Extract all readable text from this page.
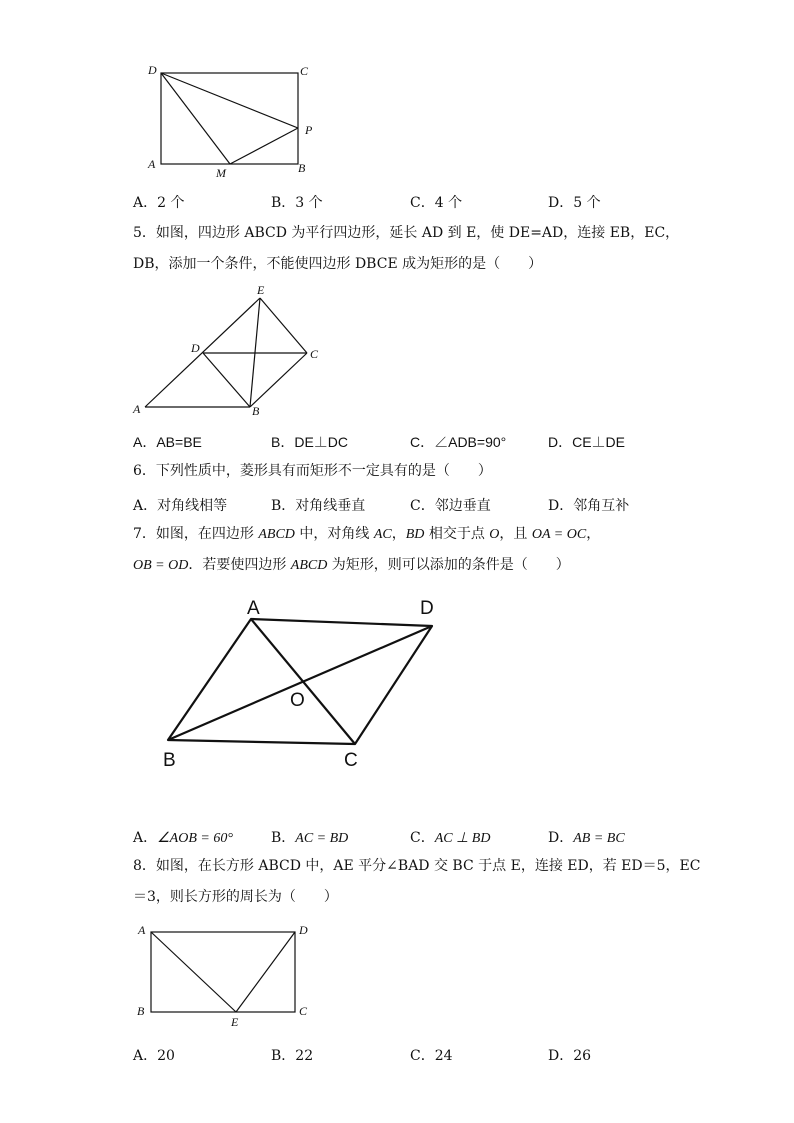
D	C
P
A
M	B
A．2 个	B．3 个	C．4 个	D．5 个
5．如图，四边形 ABCD 为平行四边形，延长 AD 到 E，使 DE=AD，连接 EB，EC，
DB，添加一个条件，不能使四边形 DBCE 成为矩形的是（　　）
E
D	C
A	B
A．AB=BE	B．DE⊥DC	C．∠ADB=90°	D．CE⊥DE
6．下列性质中，菱形具有而矩形不一定具有的是（　　）
A．对角线相等	B．对角线垂直	C．邻边垂直	D．邻角互补
7．如图，在四边形 ABCD 中，对角线 AC，BD 相交于点 O，且 OA = OC，
OB = OD．若要使四边形 ABCD 为矩形，则可以添加的条件是（　　）
A	D
O
B	C
A．∠AOB = 60°	B．AC = BD	C．AC ⊥ BD	D．AB = BC
8．如图，在长方形 ABCD 中，AE 平分∠BAD 交 BC 于点 E，连接 ED，若 ED＝5，EC
＝3，则长方形的周长为（　　）
A	D
B
E
C
A．20	B．22	C．24	D．26
